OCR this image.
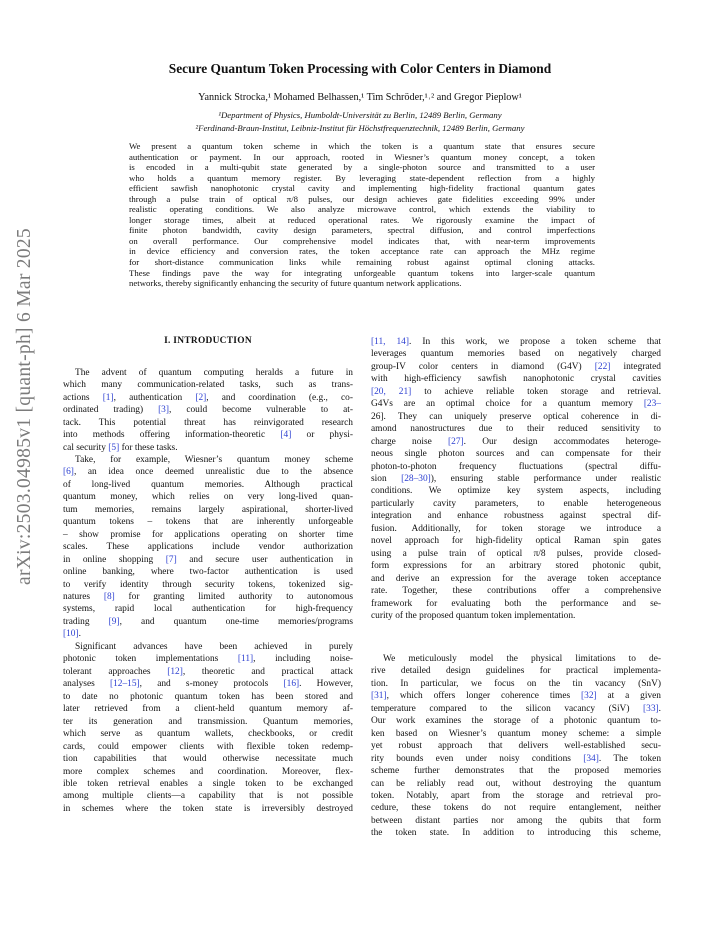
arXiv:2503.04985v1 [quant-ph] 6 Mar 2025
Secure Quantum Token Processing with Color Centers in Diamond
Yannick Strocka,¹ Mohamed Belhassen,¹ Tim Schröder,¹˒² and Gregor Pieplow¹
¹Department of Physics, Humboldt-Universität zu Berlin, 12489 Berlin, Germany
²Ferdinand-Braun-Institut, Leibniz-Institut für Höchstfrequenztechnik, 12489 Berlin, Germany
We present a quantum token scheme in which the token is a quantum state that ensures secure
authentication or payment. In our approach, rooted in Wiesner’s quantum money concept, a token
is encoded in a multi-qubit state generated by a single-photon source and transmitted to a user
who holds a quantum memory register. By leveraging state-dependent reflection from a highly
efficient sawfish nanophotonic crystal cavity and implementing high-fidelity fractional quantum gates
through a pulse train of optical π/8 pulses, our design achieves gate fidelities exceeding 99% under
realistic operating conditions. We also analyze microwave control, which extends the viability to
longer storage times, albeit at reduced operational rates. We rigorously examine the impact of
finite photon bandwidth, cavity design parameters, spectral diffusion, and control imperfections
on overall performance. Our comprehensive model indicates that, with near-term improvements
in device efficiency and conversion rates, the token acceptance rate can approach the MHz regime
for short-distance communication links while remaining robust against optimal cloning attacks.
These findings pave the way for integrating unforgeable quantum tokens into larger-scale quantum
networks, thereby significantly enhancing the security of future quantum network applications.
I. INTRODUCTION
The advent of quantum computing heralds a future in
which many communication-related tasks, such as trans-
actions [1], authentication [2], and coordination (e.g., co-
ordinated trading) [3], could become vulnerable to at-
tack. This potential threat has reinvigorated research
into methods offering information-theoretic [4] or physi-
cal security [5] for these tasks.
Take, for example, Wiesner’s quantum money scheme
[6], an idea once deemed unrealistic due to the absence
of long-lived quantum memories. Although practical
quantum money, which relies on very long-lived quan-
tum memories, remains largely aspirational, shorter-lived
quantum tokens – tokens that are inherently unforgeable
– show promise for applications operating on shorter time
scales. These applications include vendor authorization
in online shopping [7] and secure user authentication in
online banking, where two-factor authentication is used
to verify identity through security tokens, tokenized sig-
natures [8] for granting limited authority to autonomous
systems, rapid local authentication for high-frequency
trading [9], and quantum one-time memories/programs
[10].
Significant advances have been achieved in purely
photonic token implementations [11], including noise-
tolerant approaches [12], theoretic and practical attack
analyses [12–15], and s-money protocols [16]. However,
to date no photonic quantum token has been stored and
later retrieved from a client-held quantum memory af-
ter its generation and transmission. Quantum memories,
which serve as quantum wallets, checkbooks, or credit
cards, could empower clients with flexible token redemp-
tion capabilities that would otherwise necessitate much
more complex schemes and coordination. Moreover, flex-
ible token retrieval enables a single token to be exchanged
among multiple clients—a capability that is not possible
in schemes where the token state is irreversibly destroyed
[11, 14]. In this work, we propose a token scheme that
leverages quantum memories based on negatively charged
group-IV color centers in diamond (G4V) [22] integrated
with high-efficiency sawfish nanophotonic crystal cavities
[20, 21] to achieve reliable token storage and retrieval.
G4Vs are an optimal choice for a quantum memory [23–
26]. They can uniquely preserve optical coherence in di-
amond nanostructures due to their reduced sensitivity to
charge noise [27]. Our design accommodates heteroge-
neous single photon sources and can compensate for their
photon-to-photon frequency fluctuations (spectral diffu-
sion [28–30]), ensuring stable performance under realistic
conditions. We optimize key system aspects, including
particularly cavity parameters, to enable heterogeneous
integration and enhance robustness against spectral dif-
fusion. Additionally, for token storage we introduce a
novel approach for high-fidelity optical Raman spin gates
using a pulse train of optical π/8 pulses, provide closed-
form expressions for an arbitrary stored photonic qubit,
and derive an expression for the average token acceptance
rate. Together, these contributions offer a comprehensive
framework for evaluating both the performance and se-
curity of the proposed quantum token implementation.
We meticulously model the physical limitations to de-
rive detailed design guidelines for practical implementa-
tion. In particular, we focus on the tin vacancy (SnV)
[31], which offers longer coherence times [32] at a given
temperature compared to the silicon vacancy (SiV) [33].
Our work examines the storage of a photonic quantum to-
ken based on Wiesner’s quantum money scheme: a simple
yet robust approach that delivers well-established secu-
rity bounds even under noisy conditions [34]. The token
scheme further demonstrates that the proposed memories
can be reliably read out, without destroying the quantum
token. Notably, apart from the storage and retrieval pro-
cedure, these tokens do not require entanglement, neither
between distant parties nor among the qubits that form
the token state. In addition to introducing this scheme,
